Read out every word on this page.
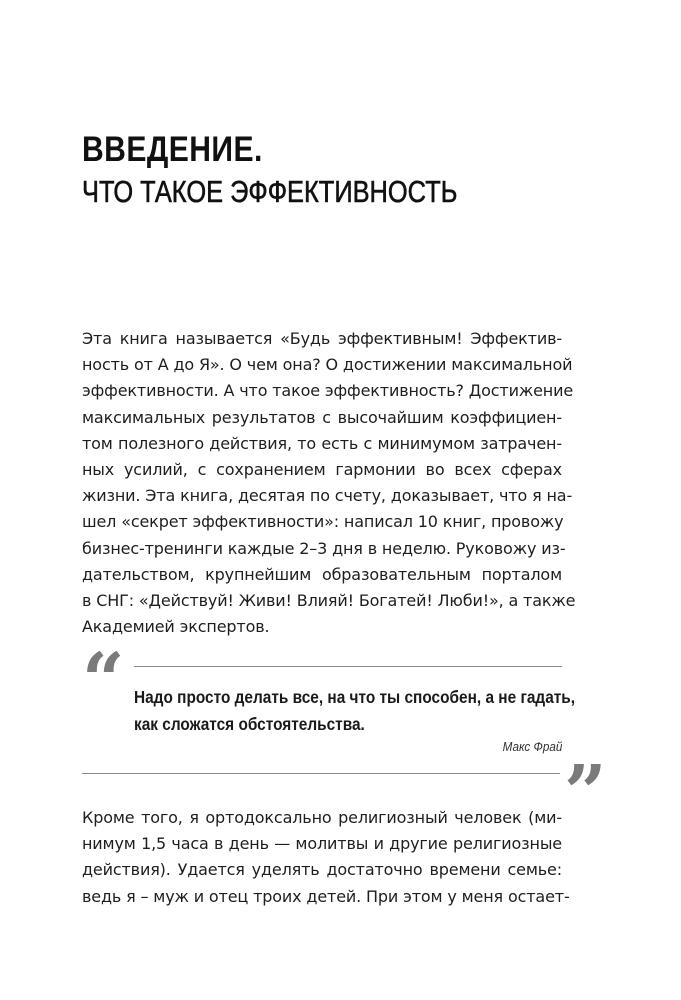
ВВЕДЕНИЕ.
ЧТО ТАКОЕ ЭФФЕКТИВНОСТЬ

Эта книга называется «Будь эффективным! Эффектив-
ность от А до Я». О чем она? О достижении максимальной
эффективности. А что такое эффективность? Достижение
максимальных результатов с высочайшим коэффициен-
том полезного действия, то есть с минимумом затрачен-
ных усилий, с сохранением гармонии во всех сферах
жизни. Эта книга, десятая по счету, доказывает, что я на-
шел «секрет эффективности»: написал 10 книг, провожу
бизнес-тренинги каждые 2–3 дня в неделю. Руковожу из-
дательством, крупнейшим образовательным порталом
в СНГ: «Действуй! Живи! Влияй! Богатей! Люби!», а также
Академией экспертов.

“ Надо просто делать все, на что ты способен, а не гадать,
как сложатся обстоятельства.
Макс Фрай
”

Кроме того, я ортодоксально религиозный человек (ми-
нимум 1,5 часа в день — молитвы и другие религиозные
действия). Удается уделять достаточно времени семье:
ведь я – муж и отец троих детей. При этом у меня остает-
